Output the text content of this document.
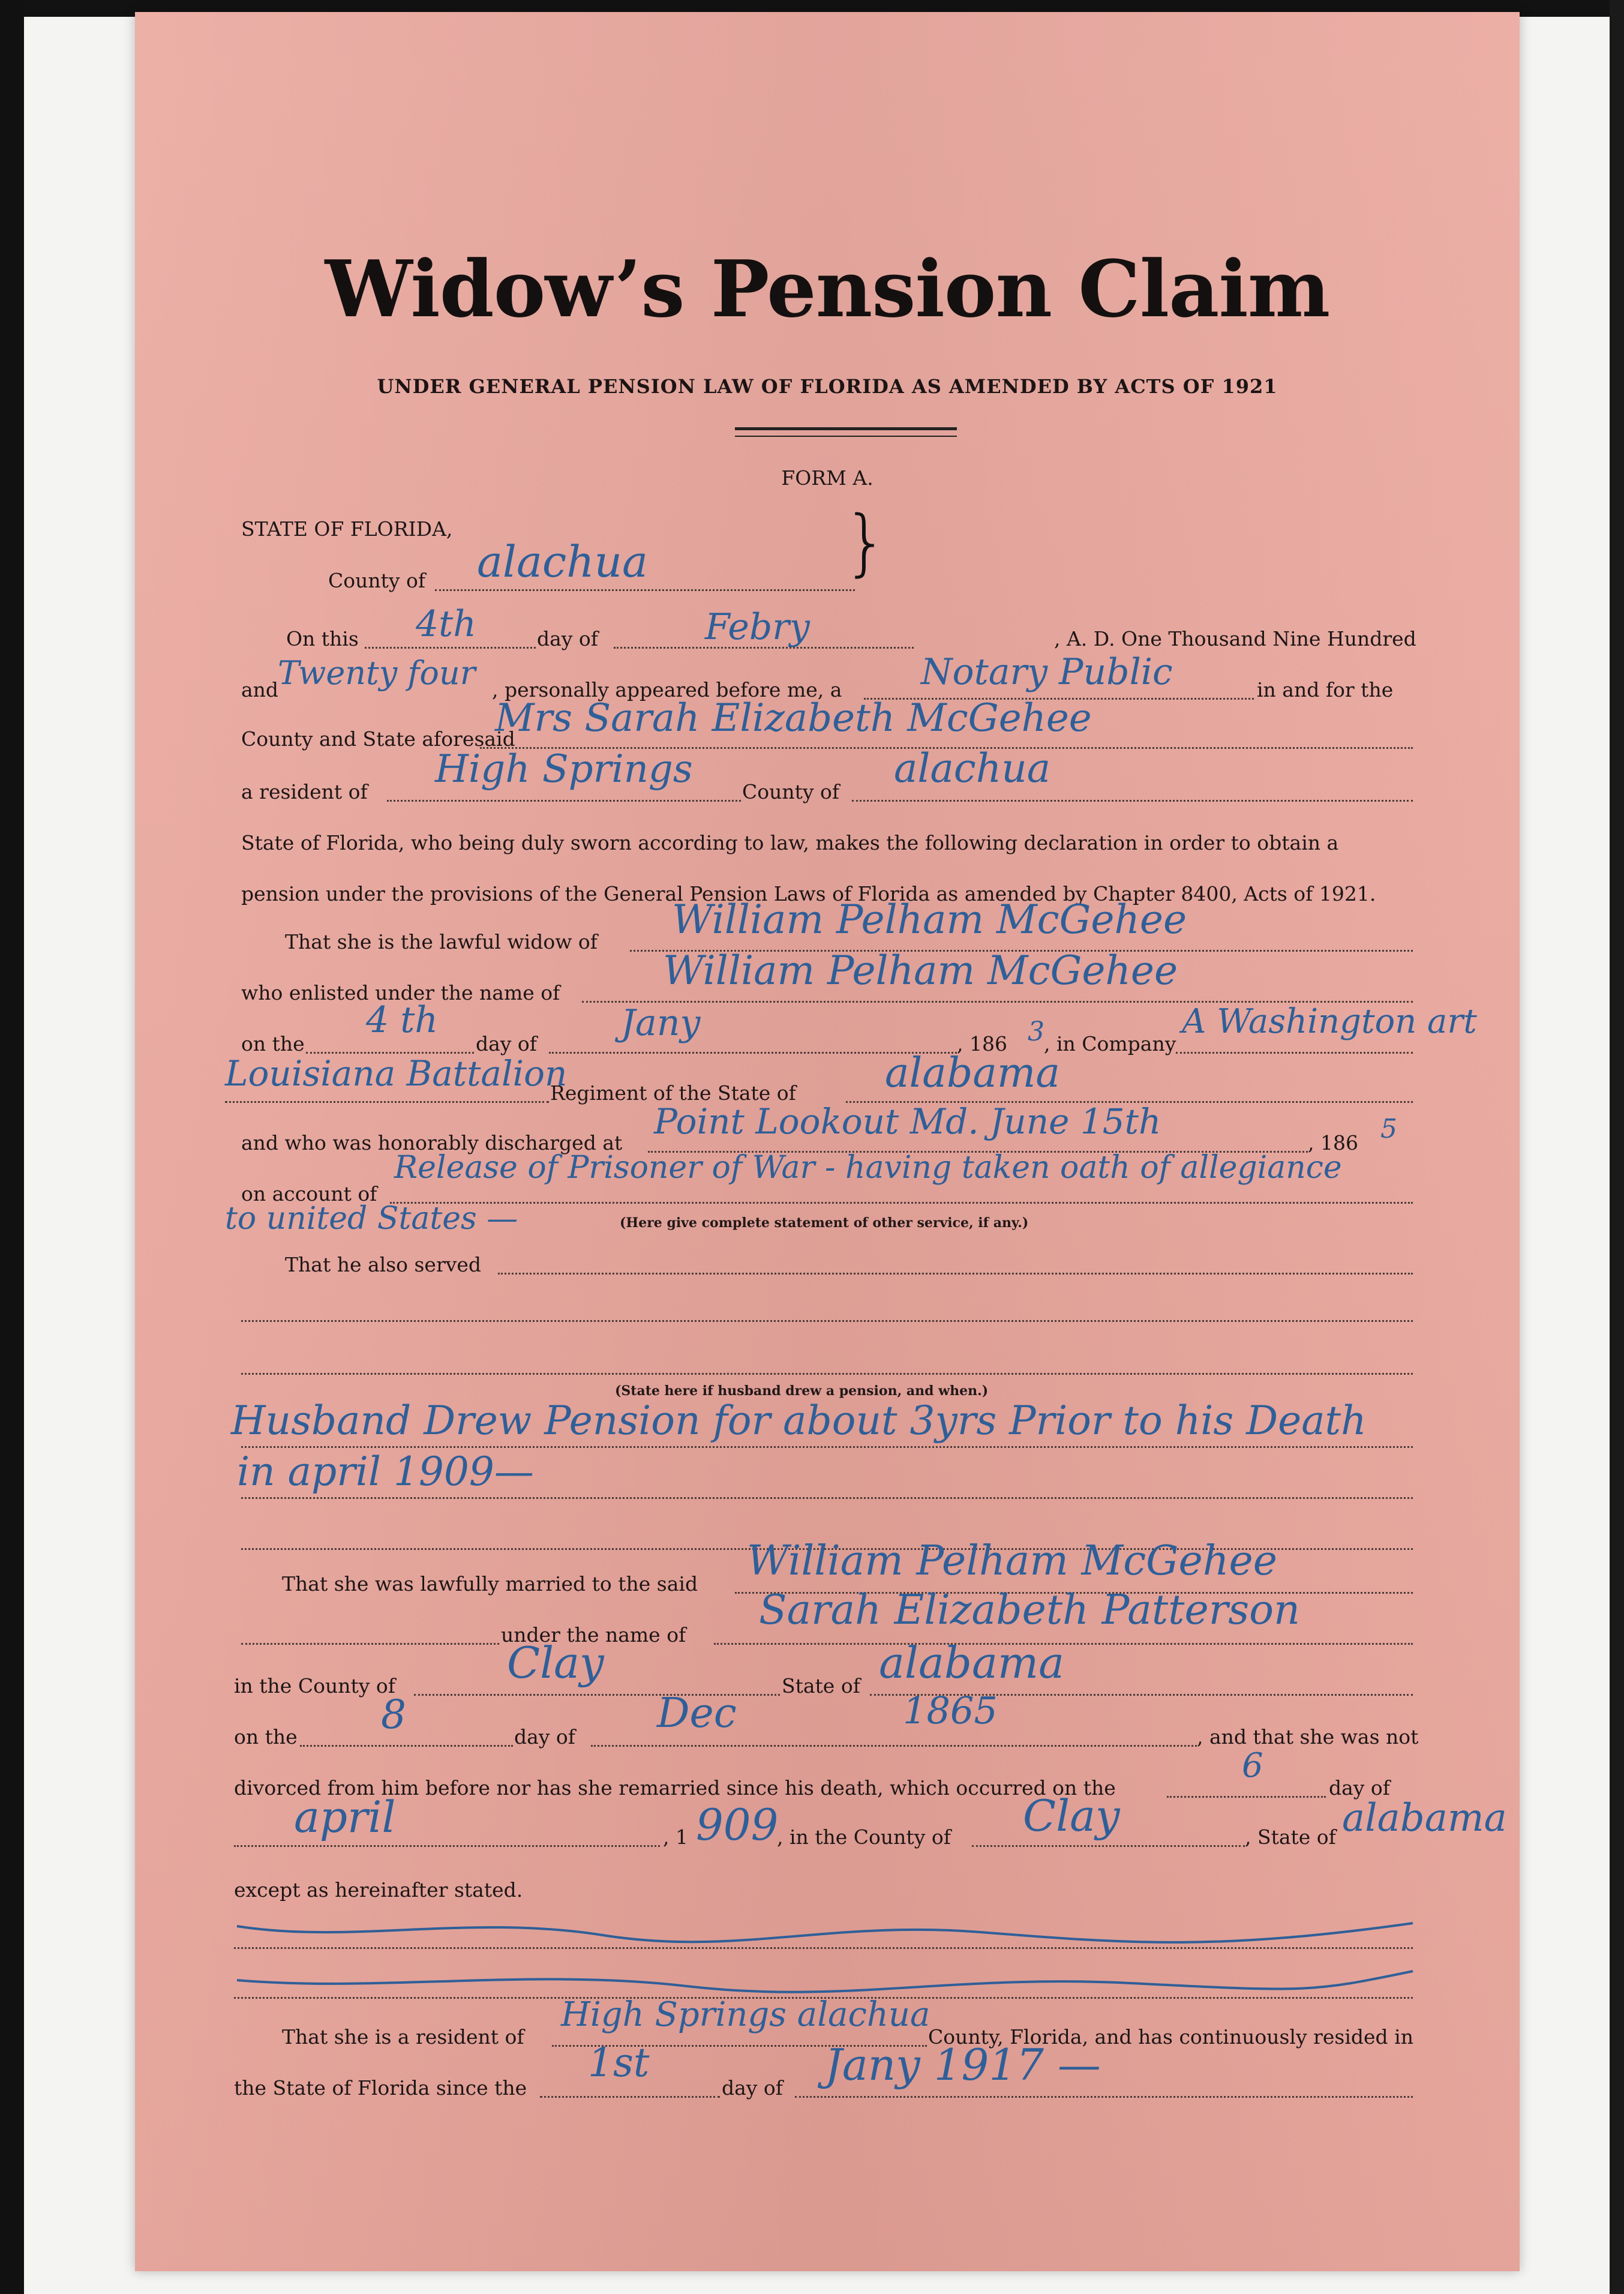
Widow’s Pension Claim
UNDER GENERAL PENSION LAW OF FLORIDA AS AMENDED BY ACTS OF 1921
FORM A.
STATE OF FLORIDA,
County of alachua	}
On this 4th	day of	Febry	, A. D. One Thousand Nine Hundred
and
Twenty four , personally appeared before me, a Notary Public	in and for the
County and State aforesaid
Mrs Sarah Elizabeth McGehee
a resident of
High Springs
County of
alachua
State of Florida, who being duly sworn according to law, makes the following declaration in order to obtain a
pension under the provisions of the General Pension Laws of Florida as amended by Chapter 8400, Acts of 1921.
That she is the lawful widow of William Pelham McGehee
who enlisted under the name of	William Pelham McGehee
on the
4 th
day of Jany	, 186 3 , in Company
A Washington art
Louisiana Battalion
Regiment of the State of alabama
and who was honorably discharged at
Point Lookout Md. June 15th
, 186 5
on account of
Release of Prisoner of War - having taken oath of allegiance
to united States —	(Here give complete statement of other service, if any.)
That he also served
(State here if husband drew a pension, and when.)
Husband Drew Pension for about 3yrs Prior to his Death
in april 1909—
That she was lawfully married to the said William Pelham McGehee
under the name of
Sarah Elizabeth Patterson
in the County of	Clay	State of alabama
on the 8	day of Dec	1865
, and that she was not
divorced from him before nor has she remarried since his death, which occurred on the
6
day of
april	, 1 909
, in the County of Clay	, State of alabama
except as hereinafter stated.
That she is a resident of
High Springs alachua
County, Florida, and has continuously resided in
the State of Florida since the
1st
day of Jany 1917 —
